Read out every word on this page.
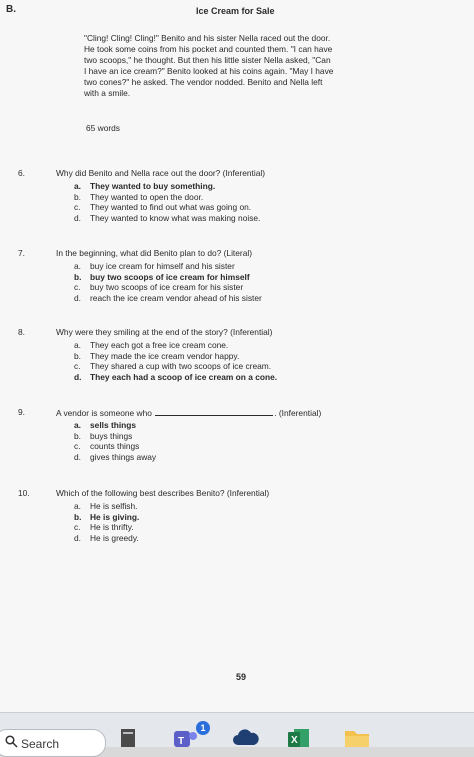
B.	Ice Cream for Sale
"Cling! Cling! Cling!" Benito and his sister Nella raced out the door.
He took some coins from his pocket and counted them. "I can have
two scoops," he thought. But then his little sister Nella asked, "Can
I have an ice cream?" Benito looked at his coins again. "May I have
two cones?" he asked. The vendor nodded. Benito and Nella left
with a smile.
65 words
6.	Why did Benito and Nella race out the door? (Inferential)
a. They wanted to buy something.
b. They wanted to open the door.
c. They wanted to find out what was going on.
d. They wanted to know what was making noise.
7.	In the beginning, what did Benito plan to do? (Literal)
a. buy ice cream for himself and his sister
b. buy two scoops of ice cream for himself
c. buy two scoops of ice cream for his sister
d. reach the ice cream vendor ahead of his sister
8.	Why were they smiling at the end of the story? (Inferential)
a. They each got a free ice cream cone.
b. They made the ice cream vendor happy.
c. They shared a cup with two scoops of ice cream.
d. They each had a scoop of ice cream on a cone.
9.	A vendor is someone who	. (Inferential)
a. sells things
b. buys things
c. counts things
d. gives things away
10.	Which of the following best describes Benito? (Inferential)
a. He is selfish.
b. He is giving.
c. He is thrifty.
d. He is greedy.
59
Search	T
1
X
